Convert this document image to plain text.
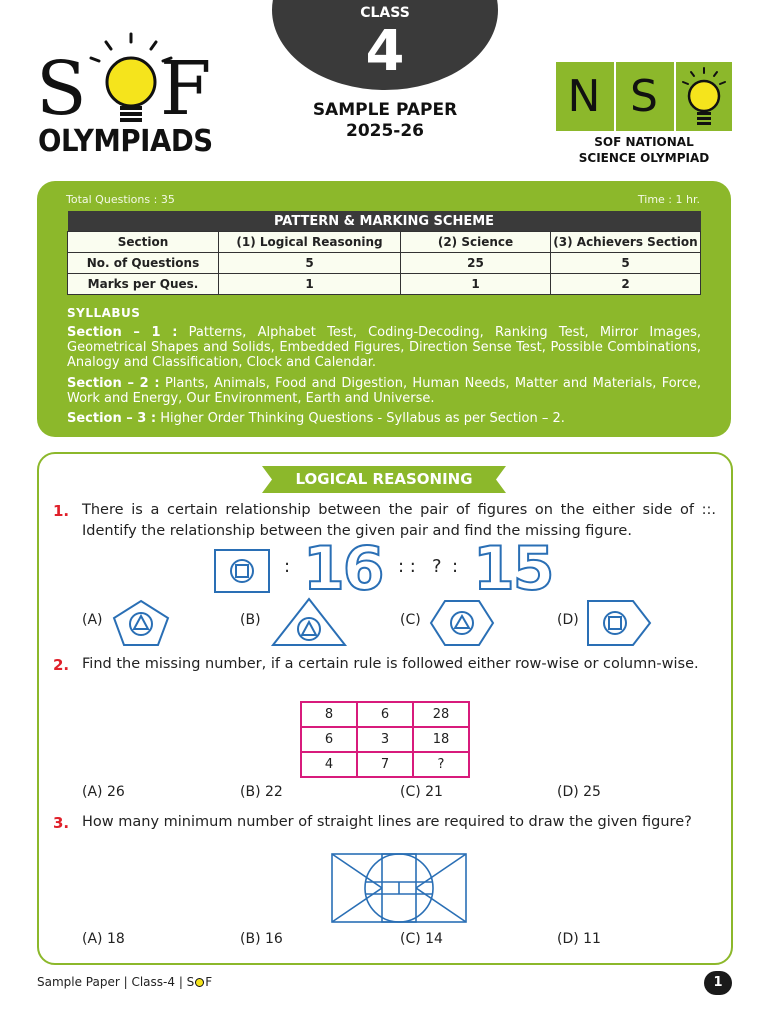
S F
OLYMPIADS
CLASS
4
SAMPLE PAPER
2025-26
N S
SOF NATIONAL
SCIENCE OLYMPIAD
Total Questions : 35	Time : 1 hr.
PATTERN & MARKING SCHEME			
Section	(1) Logical Reasoning	(2) Science	(3) Achievers Section
No. of Questions	5	25	5
Marks per Ques.	1	1	2
SYLLABUS
Section – 1 : Patterns, Alphabet Test, Coding-Decoding, Ranking Test, Mirror Images, Geometrical Shapes and Solids, Embedded Figures, Direction Sense Test, Possible Combinations, Analogy and Classification, Clock and Calendar.
Section – 2 : Plants, Animals, Food and Digestion, Human Needs, Matter and Materials, Force, Work and Energy, Our Environment, Earth and Universe.
Section – 3 : Higher Order Thinking Questions - Syllabus as per Section – 2.
LOGICAL REASONING
1. There is a certain relationship between the pair of figures on the either side of ::. Identify the relationship between the given pair and find the missing figure.
: 16 : : ? : 15
(A)	(B)	(C)	(D)
2. Find the missing number, if a certain rule is followed either row-wise or column-wise.
8	6	28
6	3	18
4	7	?
(A) 26	(B) 22	(C) 21	(D) 25
3. How many minimum number of straight lines are required to draw the given figure?
(A) 18	(B) 16	(C) 14	(D) 11
Sample Paper | Class-4 | S F	1
